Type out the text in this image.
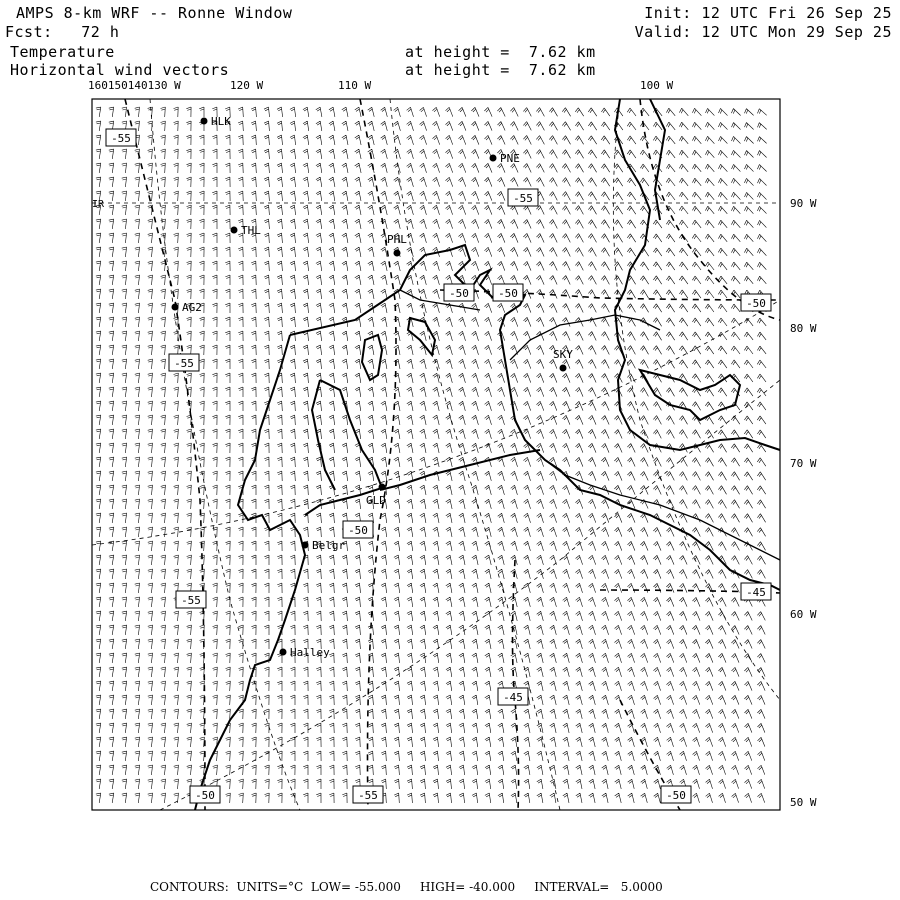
AMPS 8-km WRF -- Ronne Window	Init: 12 UTC Fri 26 Sep 25
Fcst:   72 h	Valid: 12 UTC Mon 29 Sep 25
Temperature
Horizontal wind vectors
at height =  7.62 km
at height =  7.62 km
-55
-55
-50	-50
-50
-55
-50
-55
-45
-45
-50	-55	-50
HLK
PNE
THL
PHL
AG2
SKY
GLD
Belgr
Halley
160150140130 W	120 W	110 W	100 W
IR	90 W
80 W
70 W
60 W
50 W
CONTOURS:  UNITS=°C  LOW= -55.000     HIGH= -40.000     INTERVAL=   5.0000
